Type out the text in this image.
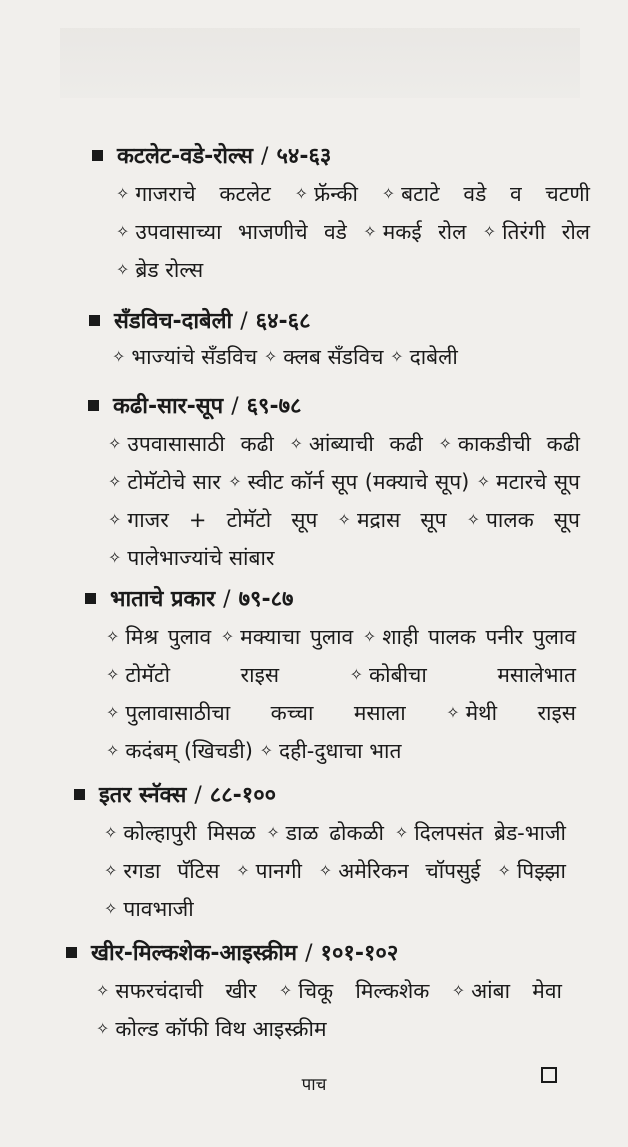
कटलेट-वडे-रोल्स / ५४-६३
✧ गाजराचे कटलेट ✧ फ्रॅन्की ✧ बटाटे वडे व चटणी ✧ उपवासाच्या भाजणीचे वडे ✧ मकई रोल ✧ तिरंगी रोल ✧ ब्रेड रोल्स
सँडविच-दाबेली / ६४-६८
✧ भाज्यांचे सँडविच ✧ क्लब सँडविच ✧ दाबेली
कढी-सार-सूप / ६९-७८
✧ उपवासासाठी कढी ✧ आंब्याची कढी ✧ काकडीची कढी ✧ टोमॅटोचे सार ✧ स्वीट कॉर्न सूप (मक्याचे सूप) ✧ मटारचे सूप ✧ गाजर + टोमॅटो सूप ✧ मद्रास सूप ✧ पालक सूप ✧ पालेभाज्यांचे सांबार
भाताचे प्रकार / ७९-८७
✧ मिश्र पुलाव ✧ मक्याचा पुलाव ✧ शाही पालक पनीर पुलाव ✧ टोमॅटो राइस	✧ कोबीचा मसालेभात ✧ पुलावासाठीचा कच्चा मसाला	✧ मेथी राइस ✧ कदंबम् (खिचडी) ✧ दही-दुधाचा भात
इतर स्नॅक्स / ८८-१००
✧ कोल्हापुरी मिसळ ✧ डाळ ढोकळी ✧ दिलपसंत ब्रेड-भाजी ✧ रगडा पॅटिस ✧ पानगी ✧ अमेरिकन चॉपसुई ✧ पिझ्झा ✧ पावभाजी
खीर-मिल्कशेक-आइस्क्रीम / १०१-१०२
✧ सफरचंदाची खीर ✧ चिकू मिल्कशेक ✧ आंबा मेवा ✧ कोल्ड कॉफी विथ आइस्क्रीम
पाच
